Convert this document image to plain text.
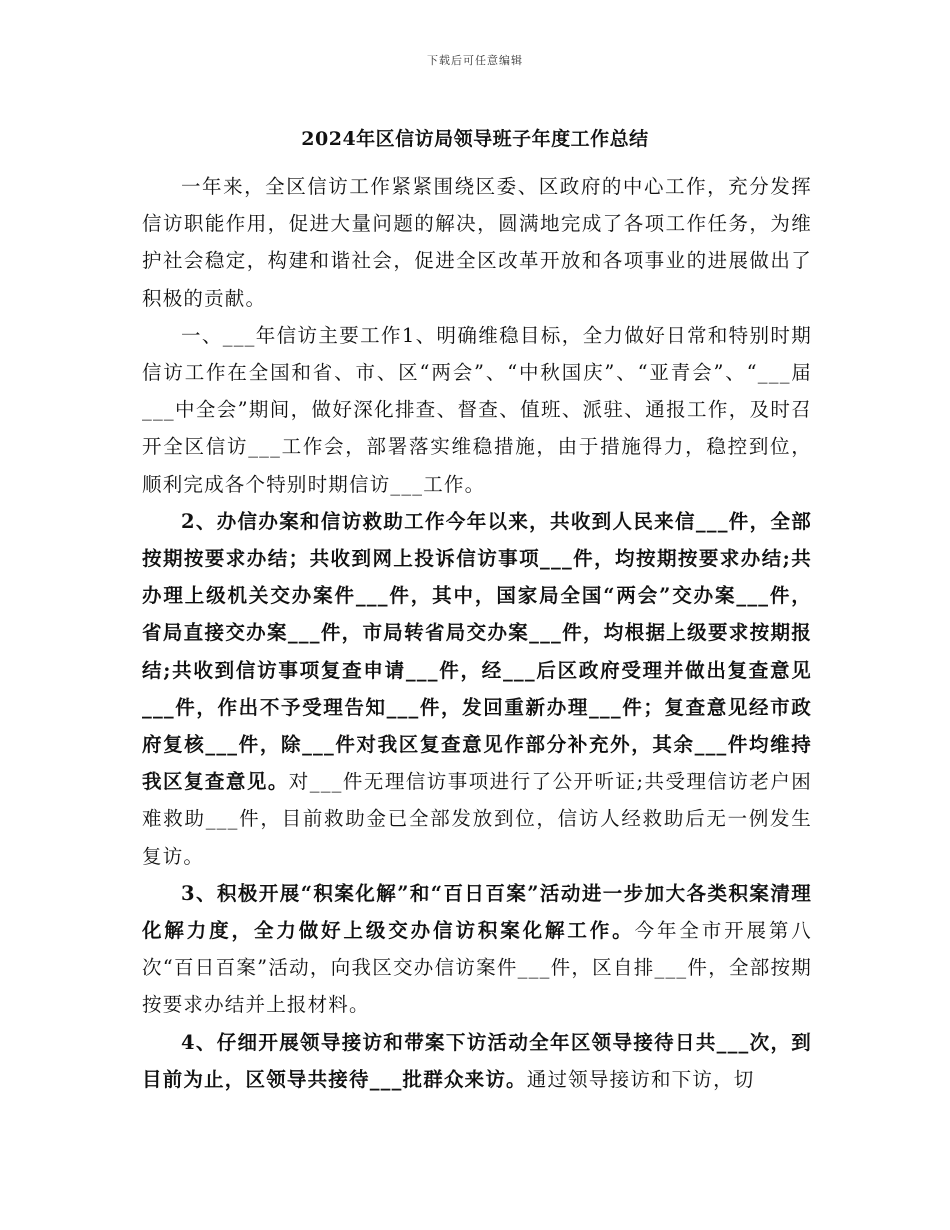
下载后可任意编辑
2024年区信访局领导班子年度工作总结

一年来，全区信访工作紧紧围绕区委、区政府的中心工作，充分发挥信访职能作用，促进大量问题的解决，圆满地完成了各项工作任务，为维护社会稳定，构建和谐社会，促进全区改革开放和各项事业的进展做出了积极的贡献。

一、___年信访主要工作1、明确维稳目标，全力做好日常和特别时期信访工作在全国和省、市、区“两会”、“中秋国庆”、“亚青会”、“___届___中全会”期间，做好深化排查、督查、值班、派驻、通报工作，及时召开全区信访___工作会，部署落实维稳措施，由于措施得力，稳控到位，顺利完成各个特别时期信访___工作。

2、办信办案和信访救助工作今年以来，共收到人民来信___件，全部按期按要求办结；共收到网上投诉信访事项___件，均按期按要求办结;共办理上级机关交办案件___件，其中，国家局全国“两会”交办案___件，省局直接交办案___件，市局转省局交办案___件，均根据上级要求按期报结;共收到信访事项复查申请___件，经___后区政府受理并做出复查意见___件，作出不予受理告知___件，发回重新办理___件；复查意见经市政府复核___件，除___件对我区复查意见作部分补充外，其余___件均维持我区复查意见。对___件无理信访事项进行了公开听证;共受理信访老户困难救助___件，目前救助金已全部发放到位，信访人经救助后无一例发生复访。

3、积极开展“积案化解”和“百日百案”活动进一步加大各类积案清理化解力度，全力做好上级交办信访积案化解工作。今年全市开展第八次“百日百案”活动，向我区交办信访案件___件，区自排___件，全部按期按要求办结并上报材料。

4、仔细开展领导接访和带案下访活动全年区领导接待日共___次，到目前为止，区领导共接待___批群众来访。通过领导接访和下访，切
